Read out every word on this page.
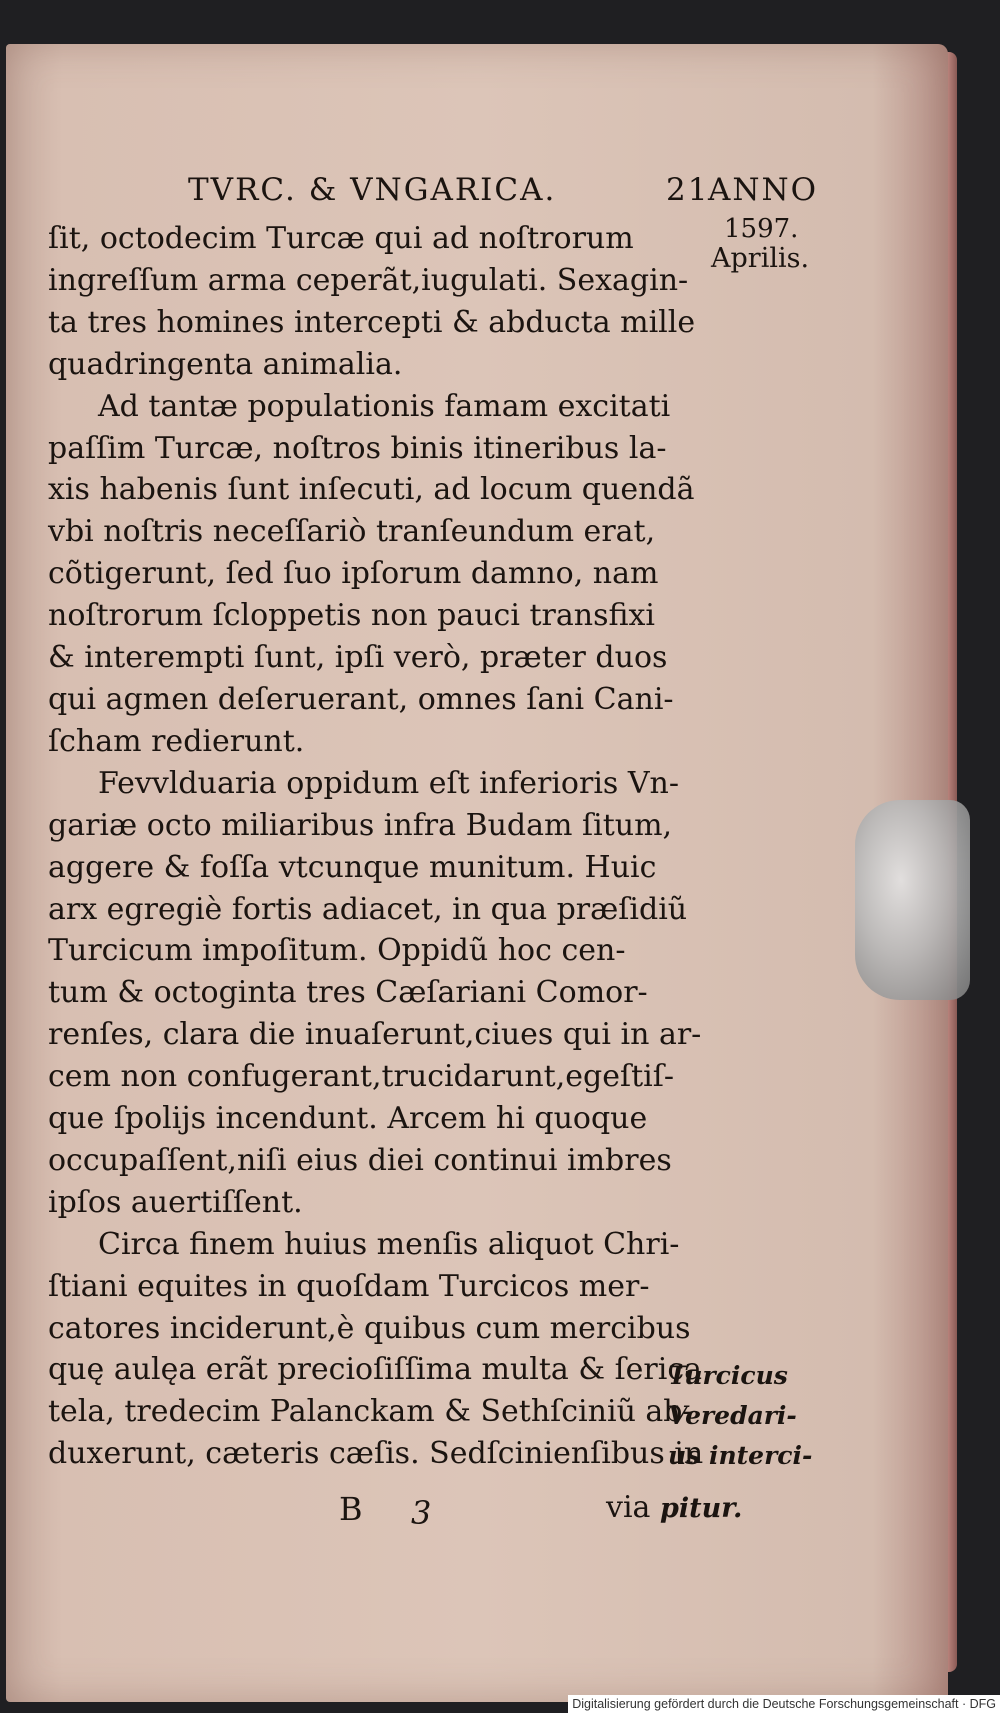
TVRC. & VNGARICA.	21
ANNO
1597.
Aprilis.
ſit, octodecim Turcæ qui ad noſtrorum
ingreſſum arma ceperãt,iugulati. Sexagin-
ta tres homines intercepti & abducta mille
quadringenta animalia.
Ad tantæ populationis famam excitati
paſſim Turcæ, noſtros binis itineribus la-
xis habenis ſunt inſecuti, ad locum quendã
vbi noſtris neceſſariò tranſeundum erat,
cõtigerunt, ſed ſuo ipſorum damno, nam
noſtrorum ſcloppetis non pauci transfixi
& interempti ſunt, ipſi verò, præter duos
qui agmen deſeruerant, omnes ſani Cani-
ſcham redierunt.
Fevvlduaria oppidum eſt inferioris Vn-
gariæ octo miliaribus infra Budam ſitum,
aggere & foſſa vtcunque munitum. Huic
arx egregiè fortis adiacet, in qua præſidiũ
Turcicum impoſitum. Oppidũ hoc cen-
tum & octoginta tres Cæſariani Comor-
renſes, clara die inuaſerunt,ciues qui in ar-
cem non confugerant,trucidarunt,egeſtiſ-
que ſpolijs incendunt. Arcem hi quoque
occupaſſent,niſi eius diei continui imbres
ipſos auertiſſent.
Circa finem huius menſis aliquot Chri-
ſtiani equites in quoſdam Turcicos mer-
catores inciderunt,è quibus cum mercibus
quę aulęa erãt precioſiſſima multa & ſerica
tela, tredecim Palanckam & Sethſciniũ ab-
duxerunt, cæteris cæſis. Sedſcinienſibus in
Turcicus
Veredari-
us interci-
B 3	via pitur.
Digitalisierung gefördert durch die Deutsche Forschungsgemeinschaft · DFG
